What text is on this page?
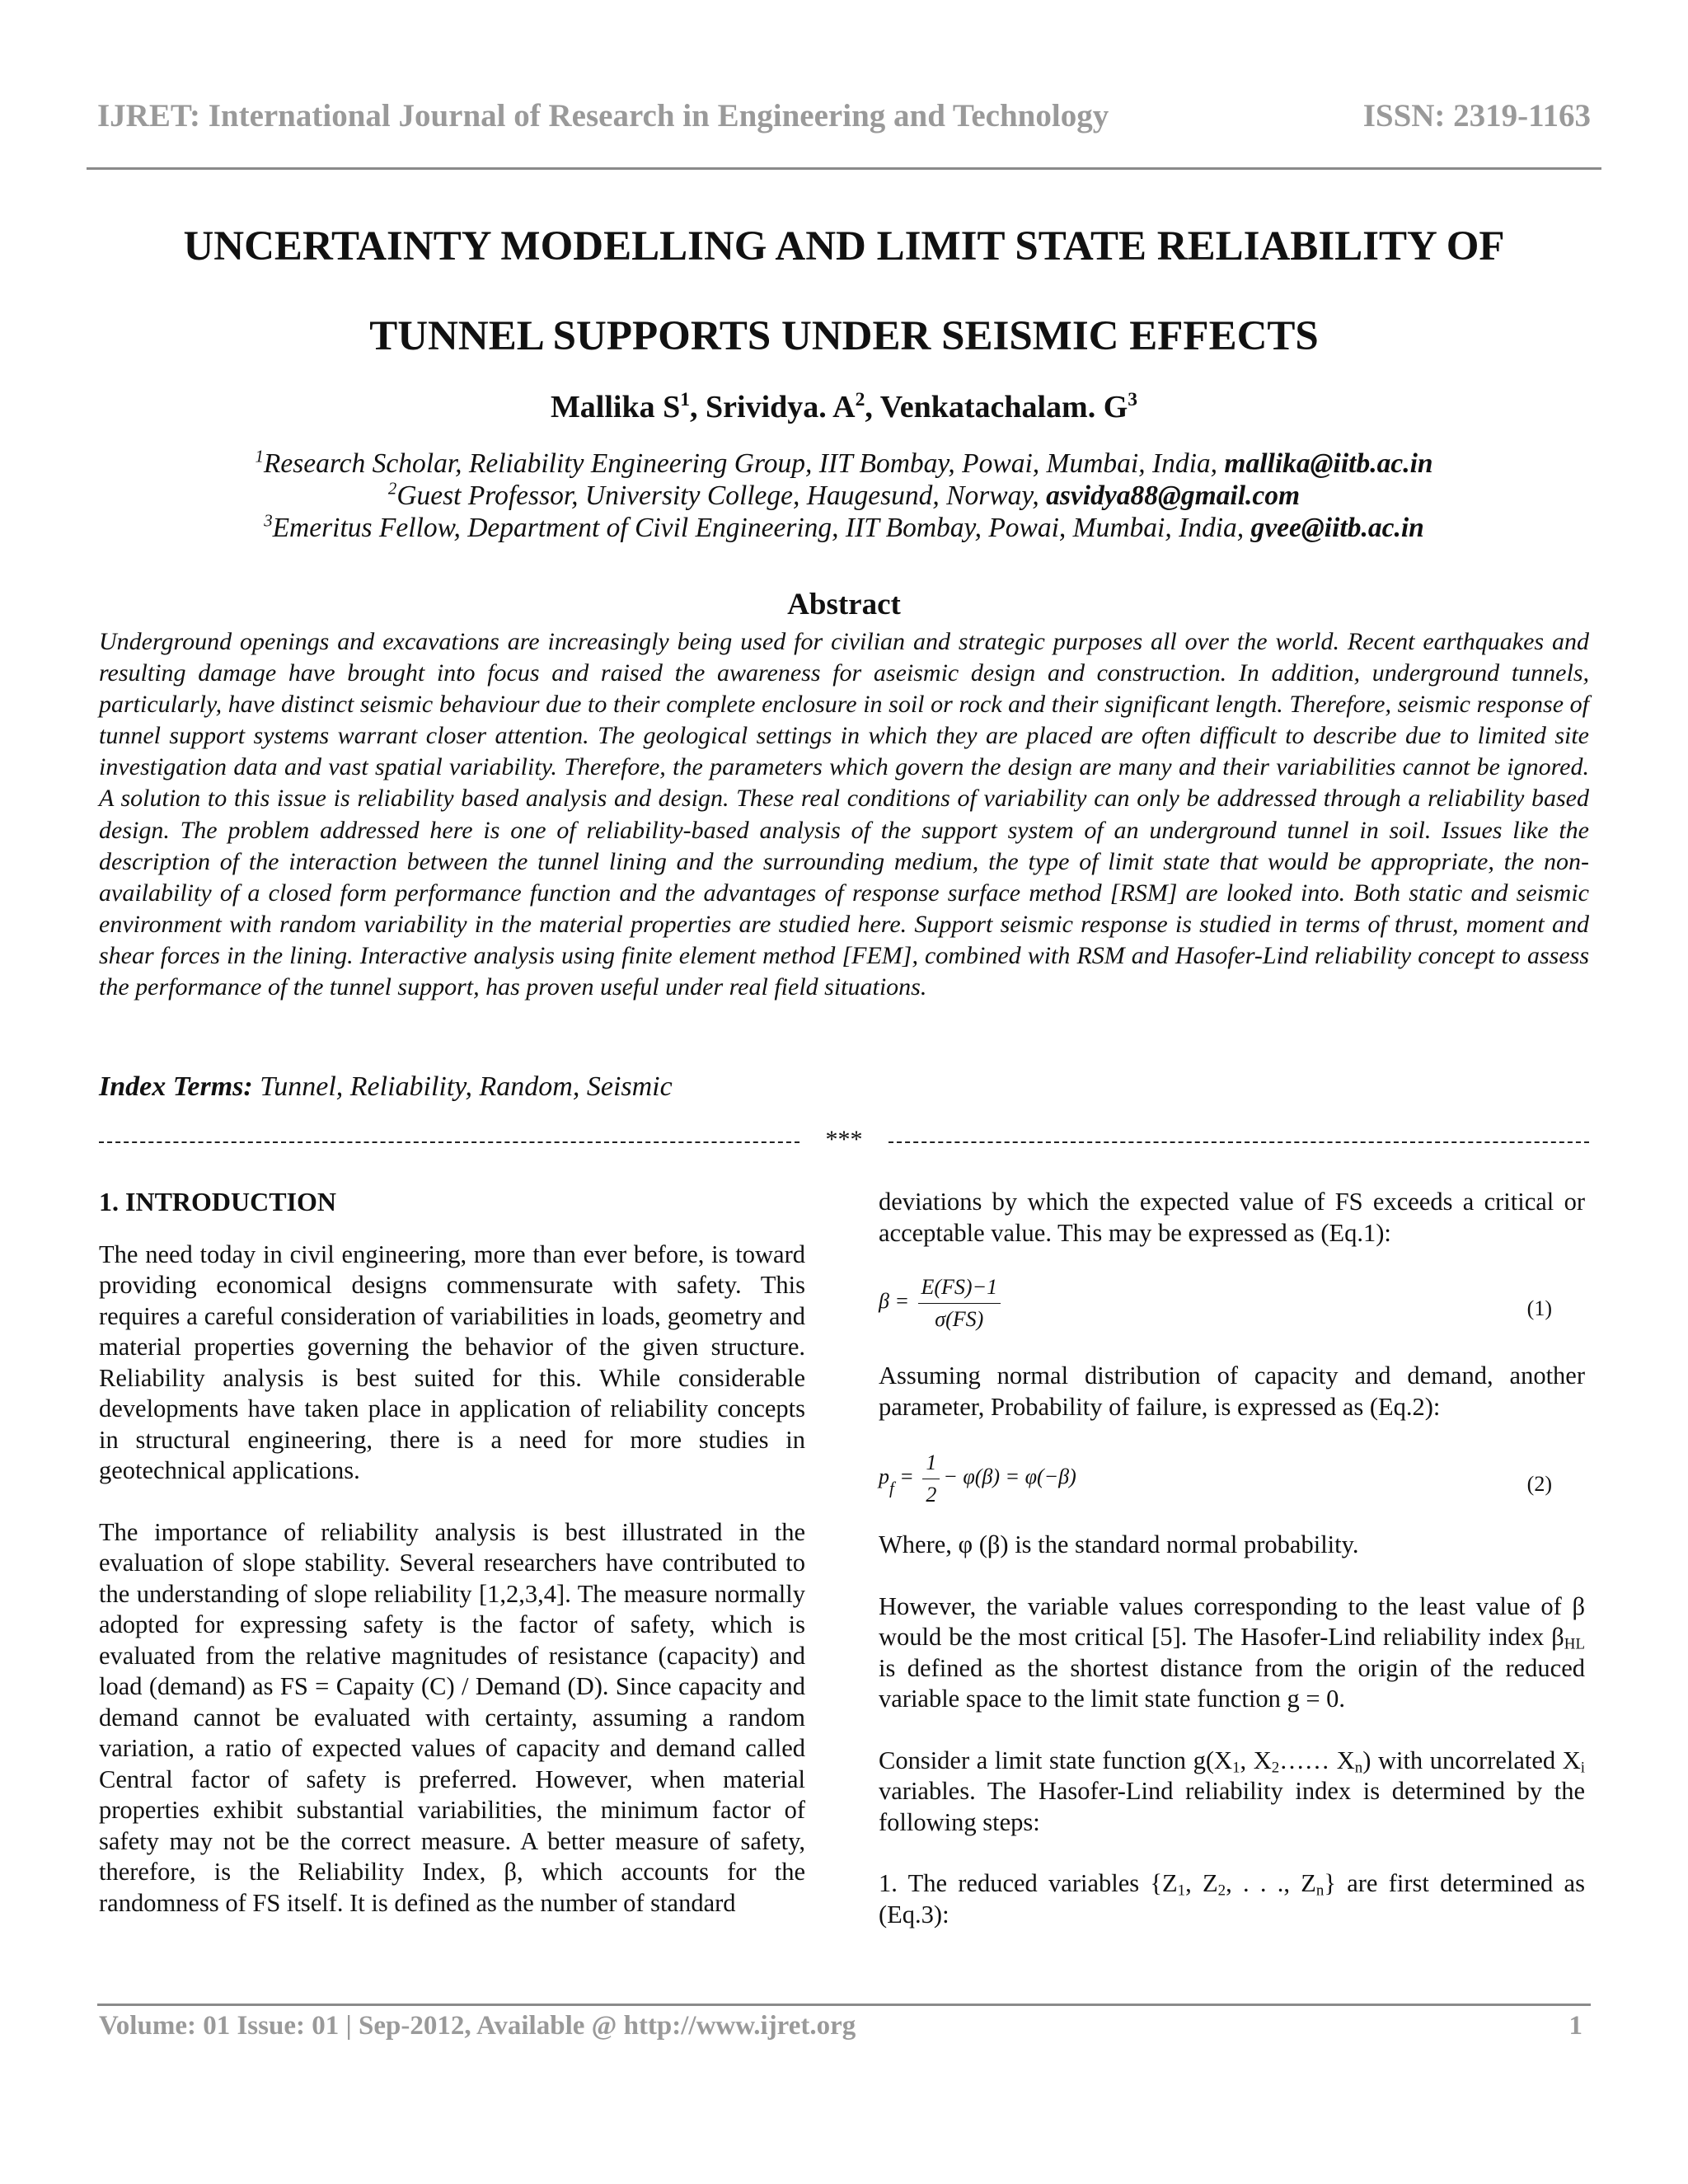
IJRET: International Journal of Research in Engineering and Technology	ISSN: 2319-1163
UNCERTAINTY MODELLING AND LIMIT STATE RELIABILITY OF
TUNNEL SUPPORTS UNDER SEISMIC EFFECTS
Mallika $S^1$, Srividya. $A^2$, Venkatachalam. $G^3$
$^1$Research Scholar, Reliability Engineering Group, IIT Bombay, Powai, Mumbai, India, mallika@iitb.ac.in
$^2$Guest Professor, University College, Haugesund, Norway, asvidya88@gmail.com
$^3$Emeritus Fellow, Department of Civil Engineering, IIT Bombay, Powai, Mumbai, India, gvee@iitb.ac.in
Abstract
Underground openings and excavations are increasingly being used for civilian and strategic purposes all over the world. Recent earthquakes and resulting damage have brought into focus and raised the awareness for aseismic design and construction. In addition, underground tunnels, particularly, have distinct seismic behaviour due to their complete enclosure in soil or rock and their significant length. Therefore, seismic response of tunnel support systems warrant closer attention. The geological settings in which they are placed are often difficult to describe due to limited site investigation data and vast spatial variability. Therefore, the parameters which govern the design are many and their variabilities cannot be ignored. A solution to this issue is reliability based analysis and design. These real conditions of variability can only be addressed through a reliability based design. The problem addressed here is one of reliability-based analysis of the support system of an underground tunnel in soil. Issues like the description of the interaction between the tunnel lining and the surrounding medium, the type of limit state that would be appropriate, the non-availability of a closed form performance function and the advantages of response surface method [RSM] are looked into. Both static and seismic environment with random variability in the material properties are studied here. Support seismic response is studied in terms of thrust, moment and shear forces in the lining. Interactive analysis using finite element method [FEM], combined with RSM and Hasofer-Lind reliability concept to assess the performance of the tunnel support, has proven useful under real field situations.
Index Terms: Tunnel, Reliability, Random, Seismic
***
1. INTRODUCTION

The need today in civil engineering, more than ever before, is toward providing economical designs commensurate with safety. This requires a careful consideration of variabilities in loads, geometry and material properties governing the behavior of the given structure. Reliability analysis is best suited for this. While considerable developments have taken place in application of reliability concepts in structural engineering, there is a need for more studies in geotechnical applications.

The importance of reliability analysis is best illustrated in the evaluation of slope stability. Several researchers have contributed to the understanding of slope reliability [1,2,3,4]. The measure normally adopted for expressing safety is the factor of safety, which is evaluated from the relative magnitudes of resistance (capacity) and load (demand) as FS = Capaity (C) / Demand (D). Since capacity and demand cannot be evaluated with certainty, assuming a random variation, a ratio of expected values of capacity and demand called Central factor of safety is preferred. However, when material properties exhibit substantial variabilities, the minimum factor of safety may not be the correct measure. A better measure of safety, therefore, is the Reliability Index, β, which accounts for the randomness of FS itself. It is defined as the number of standard

deviations by which the expected value of FS exceeds a critical or acceptable value. This may be expressed as (Eq.1):

$\beta = \frac{E(FS)-1}{\sigma(FS)}$	(1)

Assuming normal distribution of capacity and demand, another parameter, Probability of failure, is expressed as (Eq.2):

$p_f = \frac{1}{2} - \varphi(\beta) = \varphi(-\beta)$	(2)

Where, φ (β) is the standard normal probability.

However, the variable values corresponding to the least value of β would be the most critical [5]. The Hasofer-Lind reliability index $\beta_{HL}$ is defined as the shortest distance from the origin of the reduced variable space to the limit state function g = 0.

Consider a limit state function $g(X_1$, $X_2\dots\dots$ $X_n$) with uncorrelated $X_i$ variables. The Hasofer-Lind reliability index is determined by the following steps:

1. The reduced variables {$Z_1$, $Z_2$, . . ., $Z_n$} are first determined as (Eq.3):

Volume: 01 Issue: 01 | Sep-2012, Available @ http://www.ijret.org	1
